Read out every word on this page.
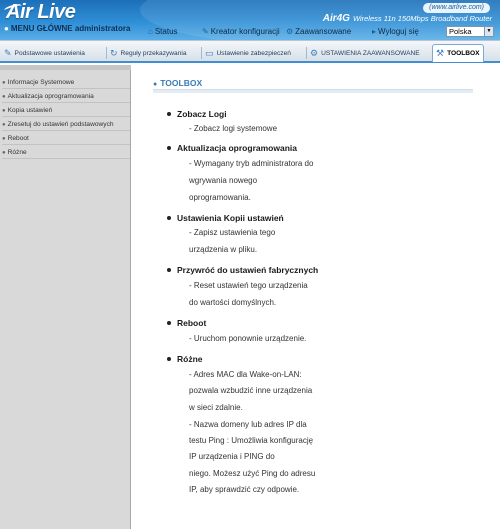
Air Live	(www.airlive.com)
Air4G Wireless 11n 150Mbps Broadband Router
● MENU GŁÓWNE administratora ⌂ Status	✎ Kreator konfiguracji ⚙ Zaawansowane	▸ Wyloguj się	Polska	▼
✎ Podstawowe ustawienia	↻ Reguły przekazywania ▭ Ustawienie zabezpieczeń ⚙ USTAWIENIA ZAAWANSOWANE ⚒ TOOLBOX
● Informacje Systemowe
● Aktualizacja oprogramowania
● Kopia ustawień
● Zresetuj do ustawień podstawowych
● Reboot
● Różne
● TOOLBOX
Zobacz Logi
- Zobacz logi systemowe
Aktualizacja oprogramowania
- Wymagany tryb administratora do
wgrywania nowego
oprogramowania.
Ustawienia Kopii ustawień
- Zapisz ustawienia tego
urządzenia w pliku.
Przywróć do ustawień fabrycznych
- Reset ustawień tego urządzenia
do wartości domyślnych.
Reboot
- Uruchom ponownie urządzenie.
Różne
- Adres MAC dla Wake-on-LAN:
pozwala wzbudzić inne urządzenia
w sieci zdalnie.
- Nazwa domeny lub adres IP dla
testu Ping : Umożliwia konfigurację
IP urządzenia i PING do
niego. Możesz użyć Ping do adresu
IP, aby sprawdzić czy odpowie.
